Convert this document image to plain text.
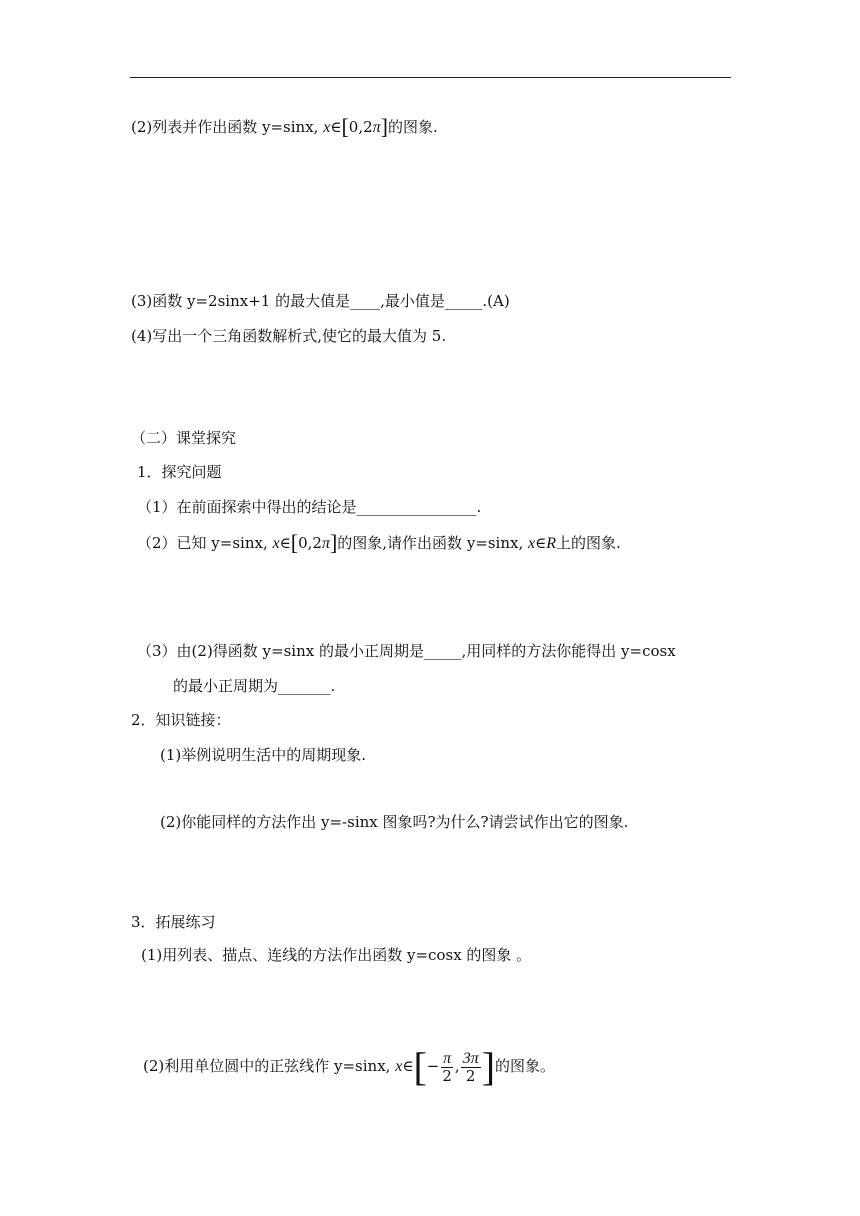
(2)列表并作出函数 y=sinx, x∈[0,2π]的图象.
(3)函数 y=2sinx+1 的最大值是____,最小值是_____.(A)
(4)写出一个三角函数解析式,使它的最大值为 5.
（二）课堂探究
1．探究问题
（1）在前面探索中得出的结论是________________.
（2）已知 y=sinx, x∈[0,2π]的图象,请作出函数 y=sinx, x∈R上的图象.
（3）由(2)得函数 y=sinx 的最小正周期是_____,用同样的方法你能得出 y=cosx
的最小正周期为_______.
2．知识链接：
(1)举例说明生活中的周期现象.
(2)你能同样的方法作出 y=-sinx 图象吗?为什么?请尝试作出它的图象.
3．拓展练习
(1)用列表、描点、连线的方法作出函数 y=cosx 的图象 。
(2)利用单位圆中的正弦线作 y=sinx, x∈[− $\frac{\pi}{2}$ , $\frac{3\pi}{2}$ ]的图象。
